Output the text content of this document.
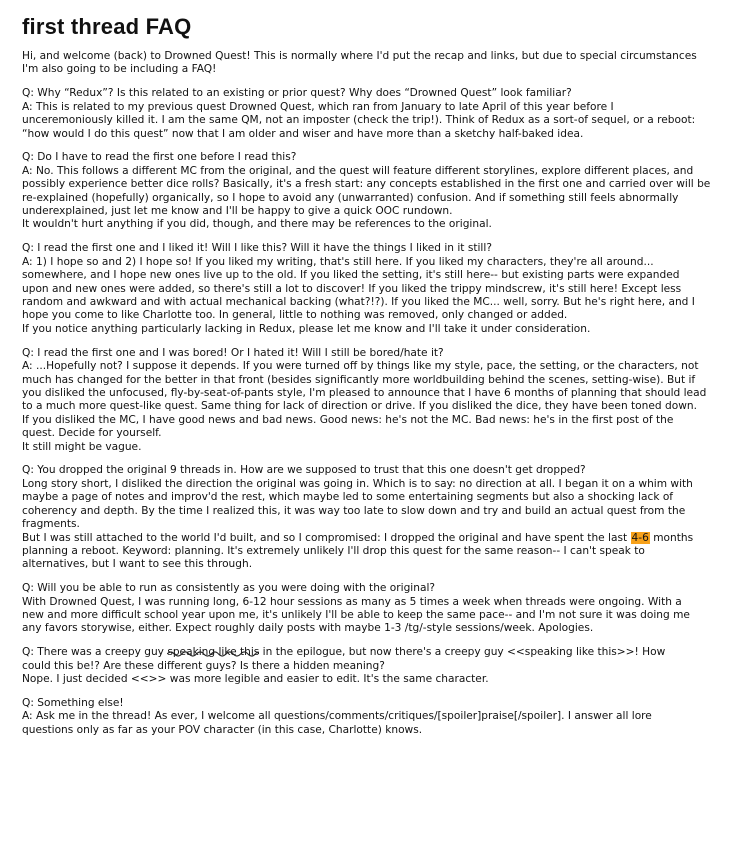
first thread FAQ

Hi, and welcome (back) to Drowned Quest! This is normally where I'd put the recap and links, but due to special circumstances
I'm also going to be including a FAQ!

Q: Why “Redux”? Is this related to an existing or prior quest? Why does “Drowned Quest” look familiar?
A: This is related to my previous quest Drowned Quest, which ran from January to late April of this year before I
unceremoniously killed it. I am the same QM, not an imposter (check the trip!). Think of Redux as a sort-of sequel, or a reboot:
“how would I do this quest” now that I am older and wiser and have more than a sketchy half-baked idea.

Q: Do I have to read the first one before I read this?
A: No. This follows a different MC from the original, and the quest will feature different storylines, explore different places, and
possibly experience better dice rolls? Basically, it's a fresh start: any concepts established in the first one and carried over will be
re-explained (hopefully) organically, so I hope to avoid any (unwarranted) confusion. And if something still feels abnormally
underexplained, just let me know and I'll be happy to give a quick OOC rundown.
It wouldn't hurt anything if you did, though, and there may be references to the original.

Q: I read the first one and I liked it! Will I like this? Will it have the things I liked in it still?
A: 1) I hope so and 2) I hope so! If you liked my writing, that's still here. If you liked my characters, they're all around...
somewhere, and I hope new ones live up to the old. If you liked the setting, it's still here-- but existing parts were expanded
upon and new ones were added, so there's still a lot to discover! If you liked the trippy mindscrew, it's still here! Except less
random and awkward and with actual mechanical backing (what?!?). If you liked the MC... well, sorry. But he's right here, and I
hope you come to like Charlotte too. In general, little to nothing was removed, only changed or added.
If you notice anything particularly lacking in Redux, please let me know and I'll take it under consideration.

Q: I read the first one and I was bored! Or I hated it! Will I still be bored/hate it?
A: ...Hopefully not? I suppose it depends. If you were turned off by things like my style, pace, the setting, or the characters, not
much has changed for the better in that front (besides significantly more worldbuilding behind the scenes, setting-wise). But if
you disliked the unfocused, fly-by-seat-of-pants style, I'm pleased to announce that I have 6 months of planning that should lead
to a much more quest-like quest. Same thing for lack of direction or drive. If you disliked the dice, they have been toned down.
If you disliked the MC, I have good news and bad news. Good news: he's not the MC. Bad news: he's in the first post of the
quest. Decide for yourself.
It still might be vague.

Q: You dropped the original 9 threads in. How are we supposed to trust that this one doesn't get dropped?
Long story short, I disliked the direction the original was going in. Which is to say: no direction at all. I began it on a whim with
maybe a page of notes and improv'd the rest, which maybe led to some entertaining segments but also a shocking lack of
coherency and depth. By the time I realized this, it was way too late to slow down and try and build an actual quest from the
fragments.
But I was still attached to the world I'd built, and so I compromised: I dropped the original and have spent the last 4-6 months
planning a reboot. Keyword: planning. It's extremely unlikely I'll drop this quest for the same reason-- I can't speak to
alternatives, but I want to see this through.

Q: Will you be able to run as consistently as you were doing with the original?
With Drowned Quest, I was running long, 6-12 hour sessions as many as 5 times a week when threads were ongoing. With a
new and more difficult school year upon me, it's unlikely I'll be able to keep the same pace-- and I'm not sure it was doing me
any favors storywise, either. Expect roughly daily posts with maybe 1-3 /tg/-style sessions/week. Apologies.

Q: There was a creepy guy speaking like this
in the epilogue, but now there's a creepy guy <<speaking like this>>! How
could this be!? Are these different guys? Is there a hidden meaning?
Nope. I just decided <<>> was more legible and easier to edit. It's the same character.

Q: Something else!
A: Ask me in the thread! As ever, I welcome all questions/comments/critiques/[spoiler]praise[/spoiler]. I answer all lore
questions only as far as your POV character (in this case, Charlotte) knows.
